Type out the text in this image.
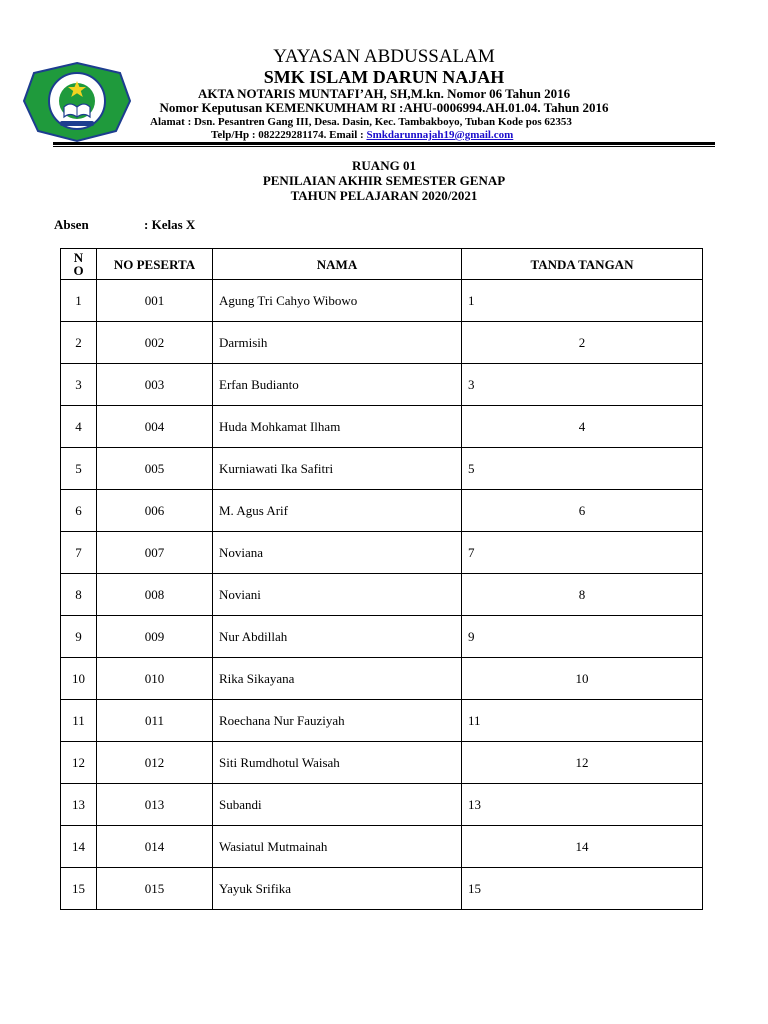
YAYASAN ABDUSSALAM
SMK ISLAM DARUN NAJAH
AKTA NOTARIS MUNTAFI’AH, SH,M.kn. Nomor 06 Tahun 2016
Nomor Keputusan KEMENKUMHAM RI :AHU-0006994.AH.01.04. Tahun 2016
Alamat : Dsn. Pesantren Gang III, Desa. Dasin, Kec. Tambakboyo, Tuban Kode pos 62353
Telp/Hp : 082229281174. Email : Smkdarunnajah19@gmail.com
RUANG 01
PENILAIAN AKHIR SEMESTER GENAP
TAHUN PELAJARAN 2020/2021
Absen	: Kelas X
N
O	NO PESERTA	NAMA	TANDA TANGAN
1	001	Agung Tri Cahyo Wibowo	1
2	002	Darmisih	2
3	003	Erfan Budianto	3
4	004	Huda Mohkamat Ilham	4
5	005	Kurniawati Ika Safitri	5
6	006	M. Agus Arif	6
7	007	Noviana	7
8	008	Noviani	8
9	009	Nur Abdillah	9
10	010	Rika Sikayana	10
11	011	Roechana Nur Fauziyah	11
12	012	Siti Rumdhotul Waisah	12
13	013	Subandi	13
14	014	Wasiatul Mutmainah	14
15	015	Yayuk Srifika	15
